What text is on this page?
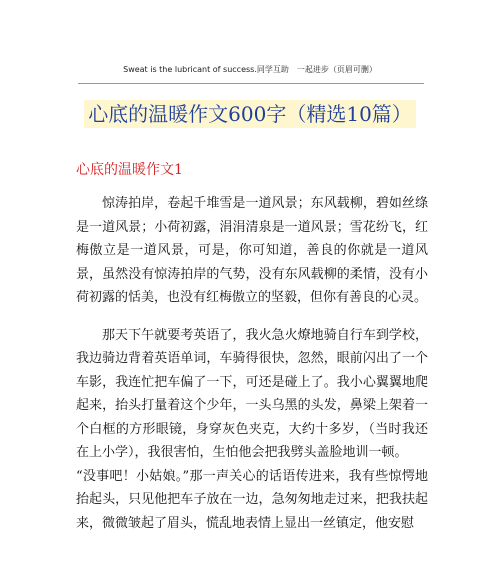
Sweat is the lubricant of success.同学互助　一起进步（页眉可删）
心底的温暖作文600字（精选10篇）
心底的温暖作文1

惊涛拍岸，卷起千堆雪是一道风景；东风载柳，碧如丝绦是一道风景；小荷初露，涓涓清泉是一道风景；雪花纷飞，红梅傲立是一道风景，可是，你可知道，善良的你就是一道风景，虽然没有惊涛拍岸的气势，没有东风载柳的柔情，没有小荷初露的恬美，也没有红梅傲立的坚毅，但你有善良的心灵。

那天下午就要考英语了，我火急火燎地骑自行车到学校，我边骑边背着英语单词，车骑得很快，忽然，眼前闪出了一个车影，我连忙把车偏了一下，可还是碰上了。我小心翼翼地爬起来，抬头打量着这个少年，一头乌黑的头发，鼻梁上架着一个白框的方形眼镜，身穿灰色夹克，大约十多岁，（当时我还在上小学），我很害怕，生怕他会把我劈头盖脸地训一顿。

“没事吧！小姑娘。”那一声关心的话语传进来，我有些惊愕地抬起头，只见他把车子放在一边，急匆匆地走过来，把我扶起来，微微皱起了眉头，慌乱地表情上显出一丝镇定，他安慰
